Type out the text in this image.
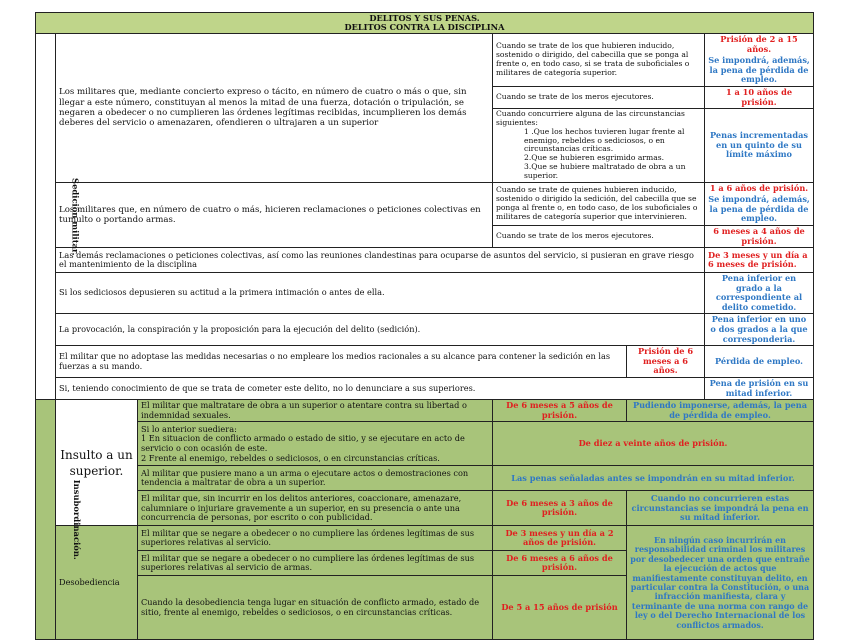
DELITOS Y SUS PENAS.
DELITOS CONTRA LA DISCIPLINA					

Sedición militar.	Los militares que, mediante concierto expreso o tácito, en número de cuatro o más o que, sin llegar a este número, constituyan al menos la mitad de una fuerza, dotación o tripulación, se negaren a obedecer o no cumplieren las órdenes legítimas recibidas, incumplieren los demás deberes del servicio o amenazaren, ofendieren o ultrajaren a un superior		Cuando se trate de los que hubieren inducido, sostenido o dirigido, del cabecilla que se ponga al frente o, en todo caso, si se trata de suboficiales o militares de categoría superior.		Prisión de 2 a 15 años.
Se impondrá, además, la pena de pérdida de empleo.

			Cuando se trate de los meros ejecutores.		1 a 10 años de prisión.

			Cuando concurriere alguna de las circunstancias siguientes:
1 .Que los hechos tuvieren lugar frente al enemigo, rebeldes o sediciosos, o en circunstancias críticas.
2.Que se hubieren esgrimido armas.
3.Que se hubiere maltratado de obra a un superior.		Penas incrementadas en un quinto de su límite máximo
	Los militares que, en número de cuatro o más, hicieren reclamaciones o peticiones colectivas en tumulto o portando armas.		Cuando se trate de quienes hubieren inducido, sostenido o dirigido la sedición, del cabecilla que se ponga al frente o, en todo caso, de los suboficiales o militares de categoría superior que intervinieren.		1 a 6 años de prisión.
Se impondrá, además, la pena de pérdida de empleo.

			Cuando se trate de los meros ejecutores.		6 meses a 4 años de prisión.
	Las demás reclamaciones o peticiones colectivas, así como las reuniones clandestinas para ocuparse de asuntos del servicio, si pusieran en grave riesgo el mantenimiento de la disciplina				De 3 meses y un día a 6 meses de prisión.
	Si los sediciosos depusieren su actitud a la primera intimación o antes de ella.				Pena inferior en grado a la correspondiente al delito cometido.
	La provocación, la conspiración y la proposición para la ejecución del delito (sedición).				Pena inferior en uno o dos grados a la que corresponderia.
	El militar que no adoptase las medidas necesarias o no empleare los medios racionales a su alcance para contener la sedición en las fuerzas a su mando.			Prisión de 6 meses a 6 años.	Pérdida de empleo.
	Si, teniendo conocimiento de que se trata de cometer este delito, no lo denunciare a sus superiores.				Pena de prisión en su mitad inferior.

Insubordinación.	Insulto a un superior.	El militar que maltratare de obra a un superior o atentare contra su libertad o indemnidad sexuales.	De 6 meses a 5 años de prisión.	Pudiendo imponerse, además, la pena de pérdida de empleo.	

		Si lo anterior suediera:
1 En situacion de conflicto armado o estado de sitio, y se ejecutare en acto de servicio o con ocasión de este.
2 Frente al enemigo, rebeldes o sediciosos, o en circunstancias críticas.	De diez a veinte años de prisión.		
		Al militar que pusiere mano a un arma o ejecutare actos o demostraciones con tendencia a maltratar de obra a un superior.	Las penas señaladas antes se impondrán en su mitad inferior.		
		El militar que, sin incurrir en los delitos anteriores, coaccionare, amenazare, calumniare o injuriare gravemente a un superior, en su presencia o ante una concurrencia de personas, por escrito o con publicidad.	De 6 meses a 3 años de prisión.	Cuando no concurrieren estas circunstancias se impondrá la pena en su mitad inferior.	
	Desobediencia	El militar que se negare a obedecer o no cumpliere las órdenes legítimas de sus superiores relativas al servicio.	De 3 meses y un día a 2 años de prisión.	En ningún caso incurrirán en responsabilidad criminal los militares por desobedecer una orden que entrañe la ejecución de actos que manifiestamente constituyan delito, en particular contra la Constitución, o una infracción manifiesta, clara y terminante de una norma con rango de ley o del Derecho Internacional de los conflictos armados.	
		El militar que se negare a obedecer o no cumpliere las órdenes legítimas de sus superiores relativas al servicio de armas.	De 6 meses a 6 años de prisión.		
		Cuando la desobediencia tenga lugar en situación de conflicto armado, estado de sitio, frente al enemigo, rebeldes o sediciosos, o en circunstancias críticas.	De 5 a 15 años de prisión		
